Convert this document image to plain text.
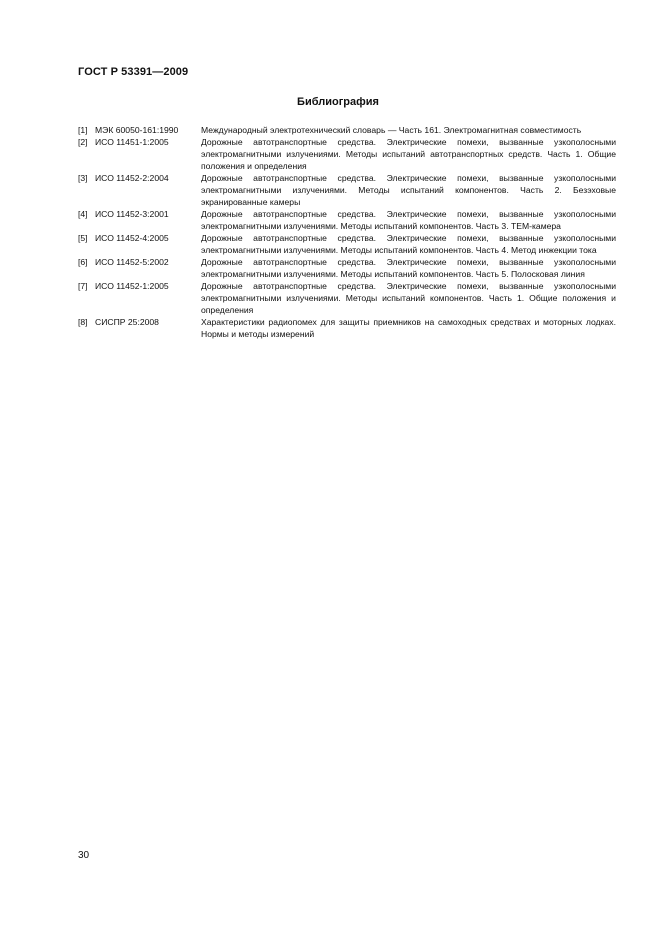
ГОСТ Р 53391—2009

Библиография

[1] МЭК 60050-161:1990	Международный электротехнический словарь — Часть 161. Электромагнитная совместимость
[2] ИСО 11451-1:2005	Дорожные автотранспортные средства. Электрические помехи, вызванные узкополосными электромагнитными излучениями. Методы испытаний автотранспортных средств. Часть 1. Общие положения и определения
[3] ИСО 11452-2:2004	Дорожные автотранспортные средства. Электрические помехи, вызванные узкополосными электромагнитными излучениями. Методы испытаний компонентов. Часть 2. Безэховые экранированные камеры
[4] ИСО 11452-3:2001	Дорожные автотранспортные средства. Электрические помехи, вызванные узкополосными электромагнитными излучениями. Методы испытаний компонентов. Часть 3. ТЕМ-камера
[5] ИСО 11452-4:2005	Дорожные автотранспортные средства. Электрические помехи, вызванные узкополосными электромагнитными излучениями. Методы испытаний компонентов. Часть 4. Метод инжекции тока
[6] ИСО 11452-5:2002	Дорожные автотранспортные средства. Электрические помехи, вызванные узкополосными электромагнитными излучениями. Методы испытаний компонентов. Часть 5. Полосковая линия
[7] ИСО 11452-1:2005	Дорожные автотранспортные средства. Электрические помехи, вызванные узкополосными электромагнитными излучениями. Методы испытаний компонентов. Часть 1. Общие положения и определения
[8] СИСПР 25:2008	Характеристики радиопомех для защиты приемников на самоходных средствах и моторных лодках. Нормы и методы измерений

30
